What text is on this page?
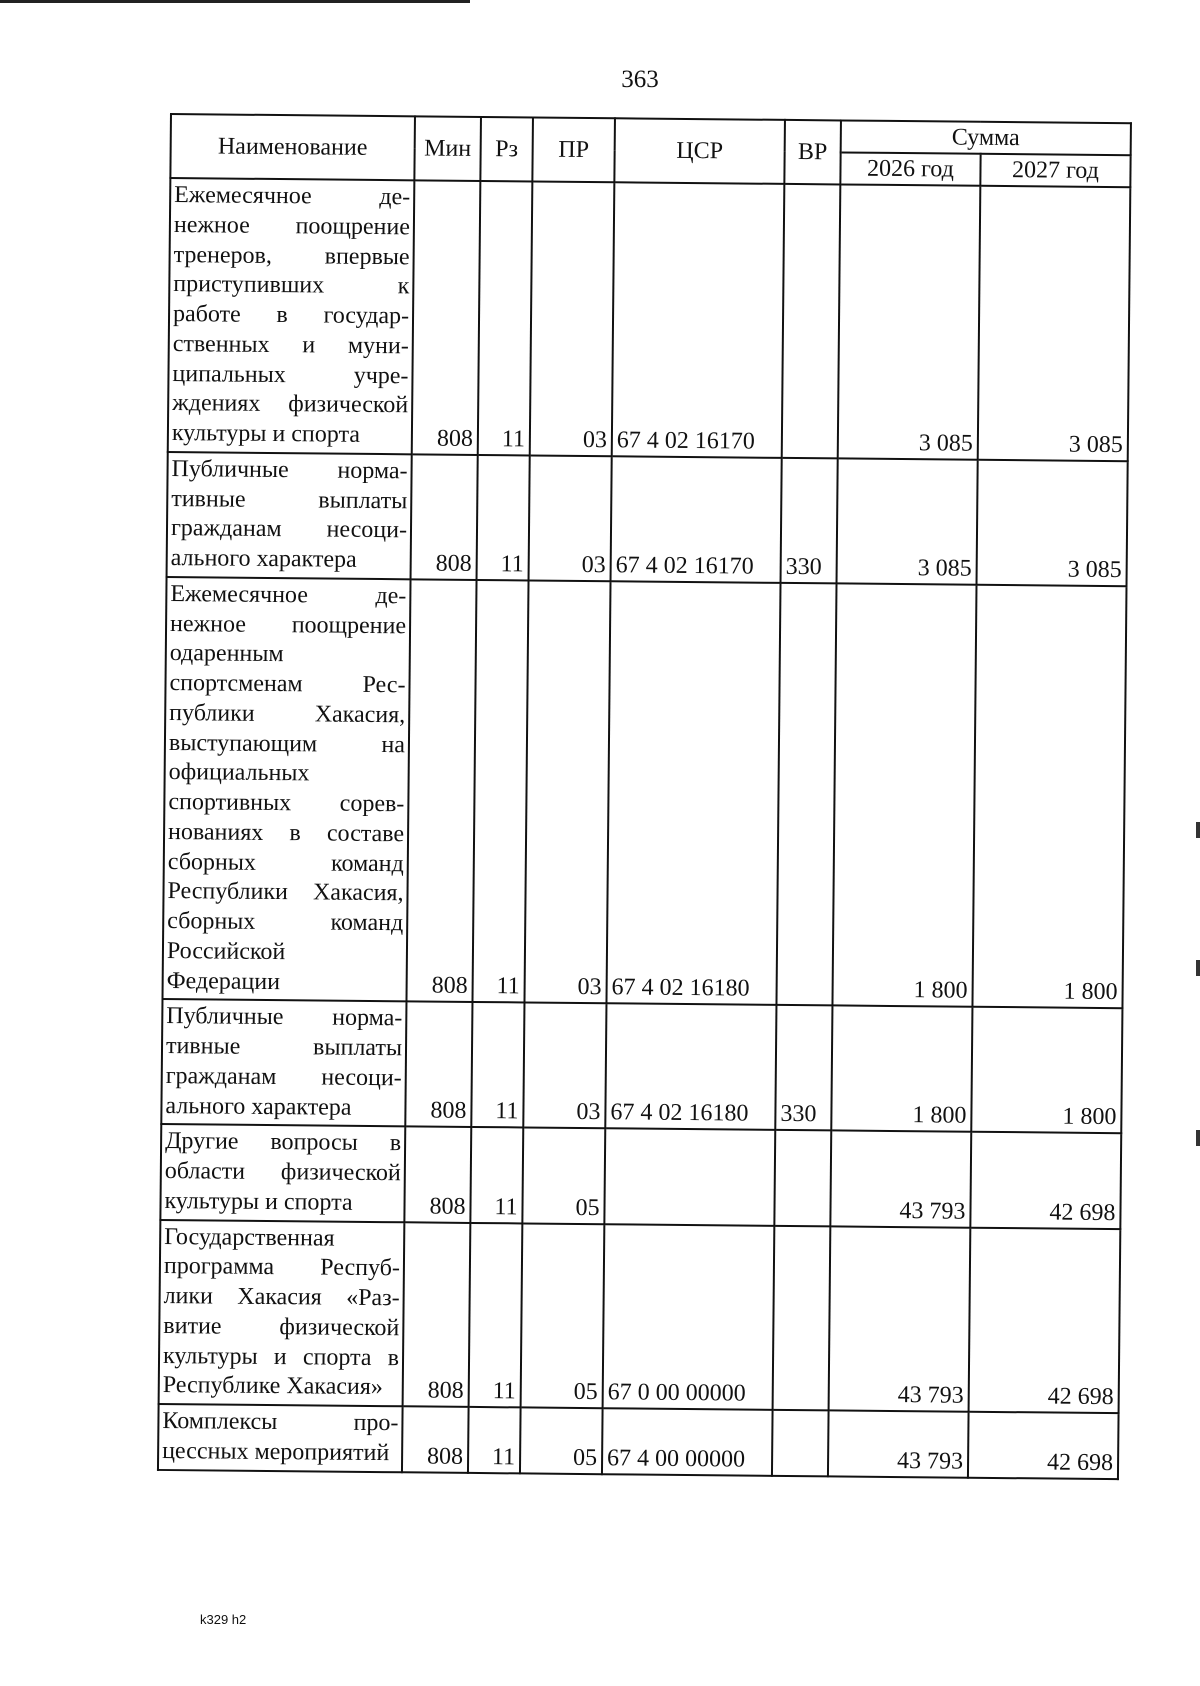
363
Наименование	Мин	Рз	ПР	ЦСР	ВР	Сумма	
						2026 год	2027 год
Ежемесячное денежное поощрение тренеров, впервые приступивших к работе в государственных и муниципальных учреждениях физической культуры и спорта	808	11	03	67 4 02 16170		3 085	3 085
Публичные нормативные выплаты гражданам несоциального характера	808	11	03	67 4 02 16170	330	3 085	3 085
Ежемесячное денежное поощрение одаренным спортсменам Республики Хакасия, выступающим на официальных спортивных соревнованиях в составе сборных команд Республики Хакасия, сборных команд Российской Федерации	808	11	03	67 4 02 16180		1 800	1 800
Публичные нормативные выплаты гражданам несоциального характера	808	11	03	67 4 02 16180	330	1 800	1 800
Другие вопросы в области физической культуры и спорта	808	11	05			43 793	42 698
Государственная программа Республики Хакасия «Развитие физической культуры и спорта в Республике Хакасия»	808	11	05	67 0 00 00000		43 793	42 698
Комплексы процессных мероприятий	808	11	05	67 4 00 00000		43 793	42 698
k329 h2
